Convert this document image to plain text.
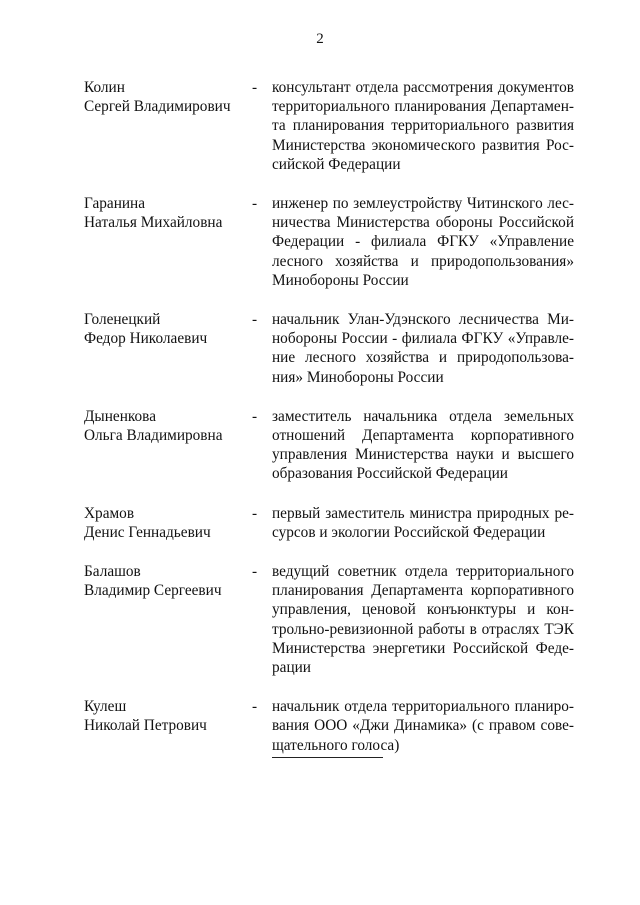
2
Колин
Сергей Владимирович
- консультант отдела рассмотрения документов
территориального планирования Департамен-
та планирования территориального развития
Министерства экономического развития Рос-
сийской Федерации
Гаранина
Наталья Михайловна
- инженер по землеустройству Читинского лес-
ничества Министерства обороны Российской
Федерации - филиала ФГКУ «Управление
лесного хозяйства и природопользования»
Минобороны России
Голенецкий
Федор Николаевич
- начальник Улан-Удэнского лесничества Ми-
нобороны России - филиала ФГКУ «Управле-
ние лесного хозяйства и природопользова-
ния» Минобороны России
Дыненкова
Ольга Владимировна
- заместитель начальника отдела земельных
отношений Департамента корпоративного
управления Министерства науки и высшего
образования Российской Федерации
Храмов
Денис Геннадьевич
- первый заместитель министра природных ре-
сурсов и экологии Российской Федерации
Балашов
Владимир Сергеевич
- ведущий советник отдела территориального
планирования Департамента корпоративного
управления, ценовой конъюнктуры и кон-
трольно-ревизионной работы в отраслях ТЭК
Министерства энергетики Российской Феде-
рации
Кулеш
Николай Петрович
- начальник отдела территориального планиро-
вания ООО «Джи Динамика» (с правом сове-
щательного голоса)
